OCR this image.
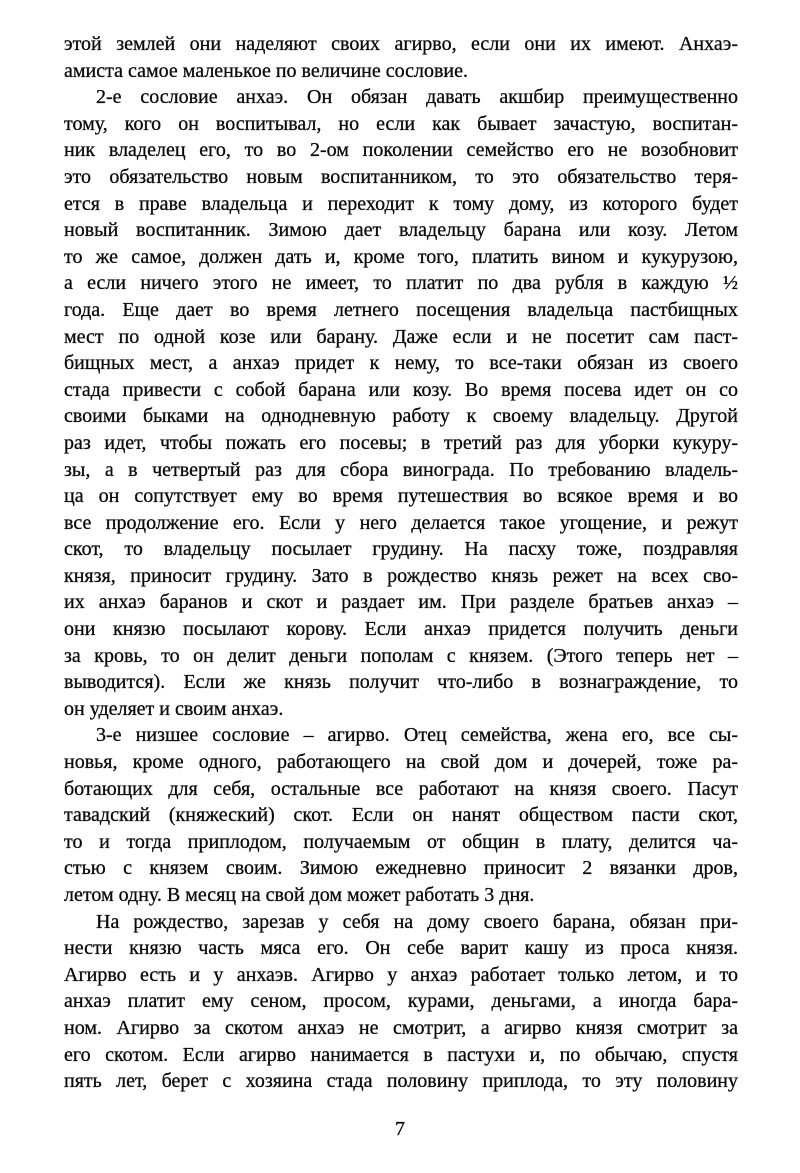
этой землей они наделяют своих агирво, если они их имеют. Анхаэ-
амиста самое маленькое по величине сословие.
2-е сословие анхаэ. Он обязан давать акшбир преимущественно
тому, кого он воспитывал, но если как бывает зачастую, воспитан-
ник владелец его, то во 2-ом поколении семейство его не возобновит
это обязательство новым воспитанником, то это обязательство теря-
ется в праве владельца и переходит к тому дому, из которого будет
новый воспитанник. Зимою дает владельцу барана или козу. Летом
то же самое, должен дать и, кроме того, платить вином и кукурузою,
а если ничего этого не имеет, то платит по два рубля в каждую ½
года. Еще дает во время летнего посещения владельца пастбищных
мест по одной козе или барану. Даже если и не посетит сам паст-
бищных мест, а анхаэ придет к нему, то все-таки обязан из своего
стада привести с собой барана или козу. Во время посева идет он со
своими быками на однодневную работу к своему владельцу. Другой
раз идет, чтобы пожать его посевы; в третий раз для уборки кукуру-
зы, а в четвертый раз для сбора винограда. По требованию владель-
ца он сопутствует ему во время путешествия во всякое время и во
все продолжение его. Если у него делается такое угощение, и режут
скот, то владельцу посылает грудину. На пасху тоже, поздравляя
князя, приносит грудину. Зато в рождество князь режет на всех сво-
их анхаэ баранов и скот и раздает им. При разделе братьев анхаэ –
они князю посылают корову. Если анхаэ придется получить деньги
за кровь, то он делит деньги пополам с князем. (Этого теперь нет –
выводится). Если же князь получит что-либо в вознаграждение, то
он уделяет и своим анхаэ.
3-е низшее сословие – агирво. Отец семейства, жена его, все сы-
новья, кроме одного, работающего на свой дом и дочерей, тоже ра-
ботающих для себя, остальные все работают на князя своего. Пасут
тавадский (княжеский) скот. Если он нанят обществом пасти скот,
то и тогда приплодом, получаемым от общин в плату, делится ча-
стью с князем своим. Зимою ежедневно приносит 2 вязанки дров,
летом одну. В месяц на свой дом может работать 3 дня.
На рождество, зарезав у себя на дому своего барана, обязан при-
нести князю часть мяса его. Он себе варит кашу из проса князя.
Агирво есть и у анхаэв. Агирво у анхаэ работает только летом, и то
анхаэ платит ему сеном, просом, курами, деньгами, а иногда бара-
ном. Агирво за скотом анхаэ не смотрит, а агирво князя смотрит за
его скотом. Если агирво нанимается в пастухи и, по обычаю, спустя
пять лет, берет с хозяина стада половину приплода, то эту половину
7
